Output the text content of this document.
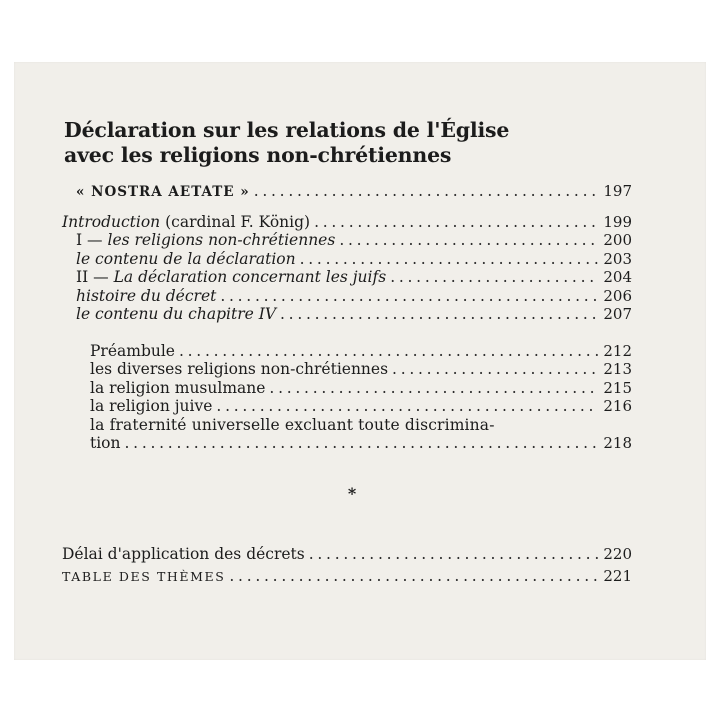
Déclaration sur les relations de l'Église
avec les religions non-chrétiennes
« NOSTRA AETATE » . . .	197
Introduction (cardinal F. König) . . .	199
I — les religions non-chrétiennes . . .	200
le contenu de la déclaration . . .	203
II — La déclaration concernant les juifs . . .	204
histoire du décret . . .	206
le contenu du chapitre IV . . .	207
Préambule . . .	212
les diverses religions non-chrétiennes . . .	213
la religion musulmane . . .	215
la religion juive . . .	216
la fraternité universelle excluant toute discrimina-
tion . . .	218
*
Délai d'application des décrets . . .	220
TABLE DES THÈMES . . .	221
